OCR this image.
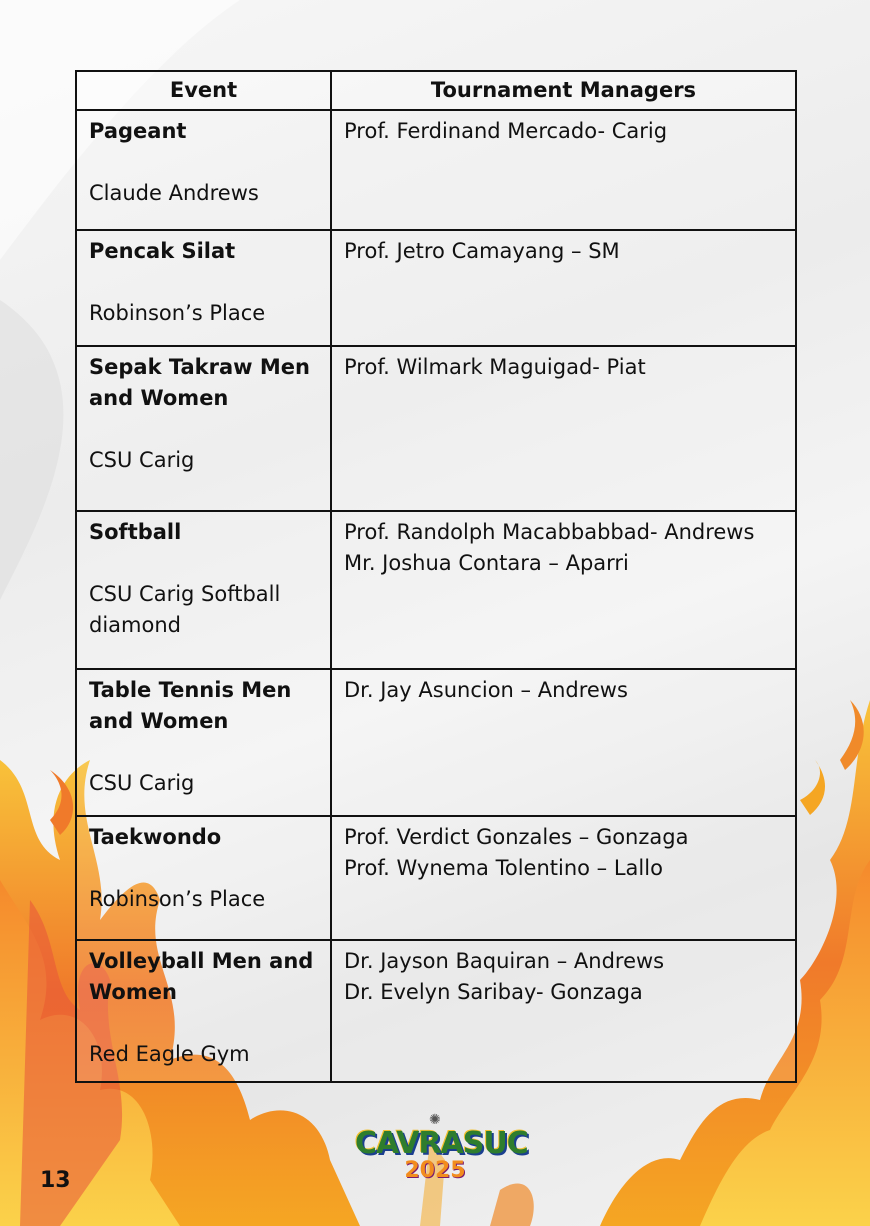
Event	Tournament Managers

Pageant
Claude Andrews	Prof. Ferdinand Mercado- Carig

Pencak Silat
Robinson’s Place	Prof. Jetro Camayang – SM

Sepak Takraw Men and Women
CSU Carig	Prof. Wilmark Maguigad- Piat

Softball
CSU Carig Softball diamond	Prof. Randolph Macabbabbad- Andrews
Mr. Joshua Contara – Aparri

Table Tennis Men and Women
CSU Carig	Dr. Jay Asuncion – Andrews

Taekwondo
Robinson’s Place	Prof. Verdict Gonzales – Gonzaga
Prof. Wynema Tolentino – Lallo

Volleyball Men and Women
Red Eagle Gym	Dr. Jayson Baquiran – Andrews
Dr. Evelyn Saribay- Gonzaga
✺
CAVRASUC
2025
13
